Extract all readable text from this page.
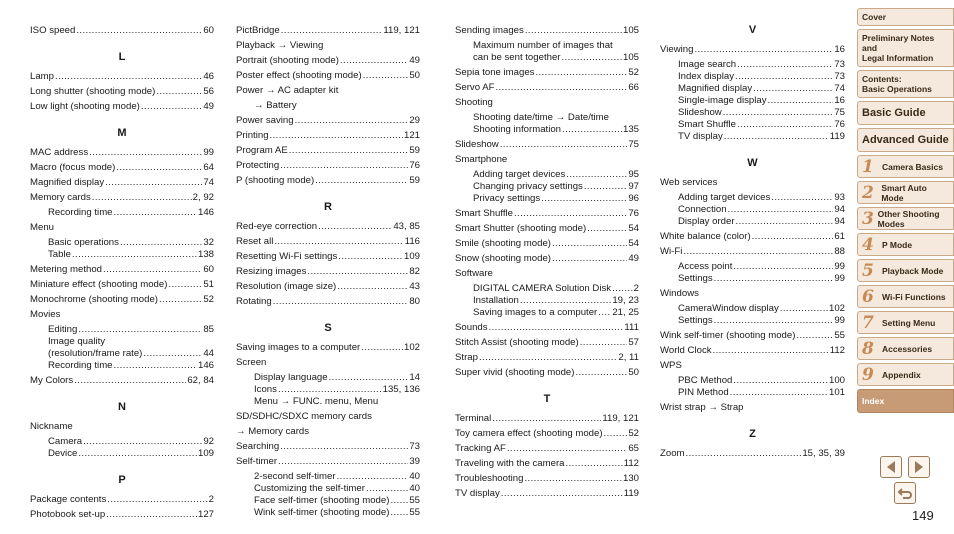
ISO speed .....	60
L
Lamp .....	46
Long shutter (shooting mode) .....	56
Low light (shooting mode) .....	49
M
MAC address .....	99
Macro (focus mode) .....	64
Magnified display .....	74
Memory cards .....	2, 92
Recording time .....	146
Menu
Basic operations .....	32
Table .....	138
Metering method .....	60
Miniature effect (shooting mode) .....	51
Monochrome (shooting mode) .....	52
Movies
Editing .....	85
Image quality
(resolution/frame rate) .....	44
Recording time .....	146
My Colors .....	62, 84
N
Nickname
Camera .....	92
Device .....	109
P
Package contents .....	2
Photobook set-up .....	127
PictBridge .....	119, 121
Playback → Viewing
Portrait (shooting mode) .....	49
Poster effect (shooting mode) .....	50
Power → AC adapter kit
→ Battery
Power saving .....	29
Printing .....	121
Program AE .....	59
Protecting .....	76
P (shooting mode) .....	59
R
Red-eye correction .....	43, 85
Reset all .....	116
Resetting Wi-Fi settings .....	109
Resizing images .....	82
Resolution (image size) .....	43
Rotating .....	80
S
Saving images to a computer .....	102
Screen
Display language .....	14
Icons .....	135, 136
Menu → FUNC. menu, Menu
SD/SDHC/SDXC memory cards
→ Memory cards
Searching .....	73
Self-timer .....	39
2-second self-timer .....	40
Customizing the self-timer .....	40
Face self-timer (shooting mode) ..... 55
Wink self-timer (shooting mode) ..... 55
Sending images .....	105
Maximum number of images that
can be sent together .....	105
Sepia tone images .....	52
Servo AF .....	66
Shooting
Shooting date/time → Date/time
Shooting information .....	135
Slideshow .....	75
Smartphone
Adding target devices .....	95
Changing privacy settings .....	97
Privacy settings .....	96
Smart Shuffle .....	76
Smart Shutter (shooting mode) .....	54
Smile (shooting mode) .....	54
Snow (shooting mode) .....	49
Software
DIGITAL CAMERA Solution Disk ..... 2
Installation .....	19, 23
Saving images to a computer ..... 21, 25
Sounds .....	111
Stitch Assist (shooting mode) .....	57
Strap .....	2, 11
Super vivid (shooting mode) .....	50
T
Terminal .....	119, 121
Toy camera effect (shooting mode) .....	52
Tracking AF .....	65
Traveling with the camera .....	112
Troubleshooting .....	130
TV display .....	119
V
Viewing .....	16
Image search .....	73
Index display .....	73
Magnified display .....	74
Single-image display .....	16
Slideshow .....	75
Smart Shuffle .....	76
TV display .....	119
W
Web services
Adding target devices .....	93
Connection .....	94
Display order .....	94
White balance (color) .....	61
Wi-Fi .....	88
Access point .....	99
Settings .....	99
Windows
CameraWindow display .....	102
Settings .....	99
Wink self-timer (shooting mode) .....	55
World Clock .....	112
WPS
PBC Method .....	100
PIN Method .....	101
Wrist strap → Strap
Z
Zoom .....	15, 35, 39
Cover
Preliminary Notes and
Legal Information
Contents:
Basic Operations
Basic Guide
Advanced Guide
1 Camera Basics
2 Smart Auto Mode
3 Other Shooting Modes
4 P Mode
5 Playback Mode
6 Wi-Fi Functions
7 Setting Menu
8 Accessories
9 Appendix
Index
149
